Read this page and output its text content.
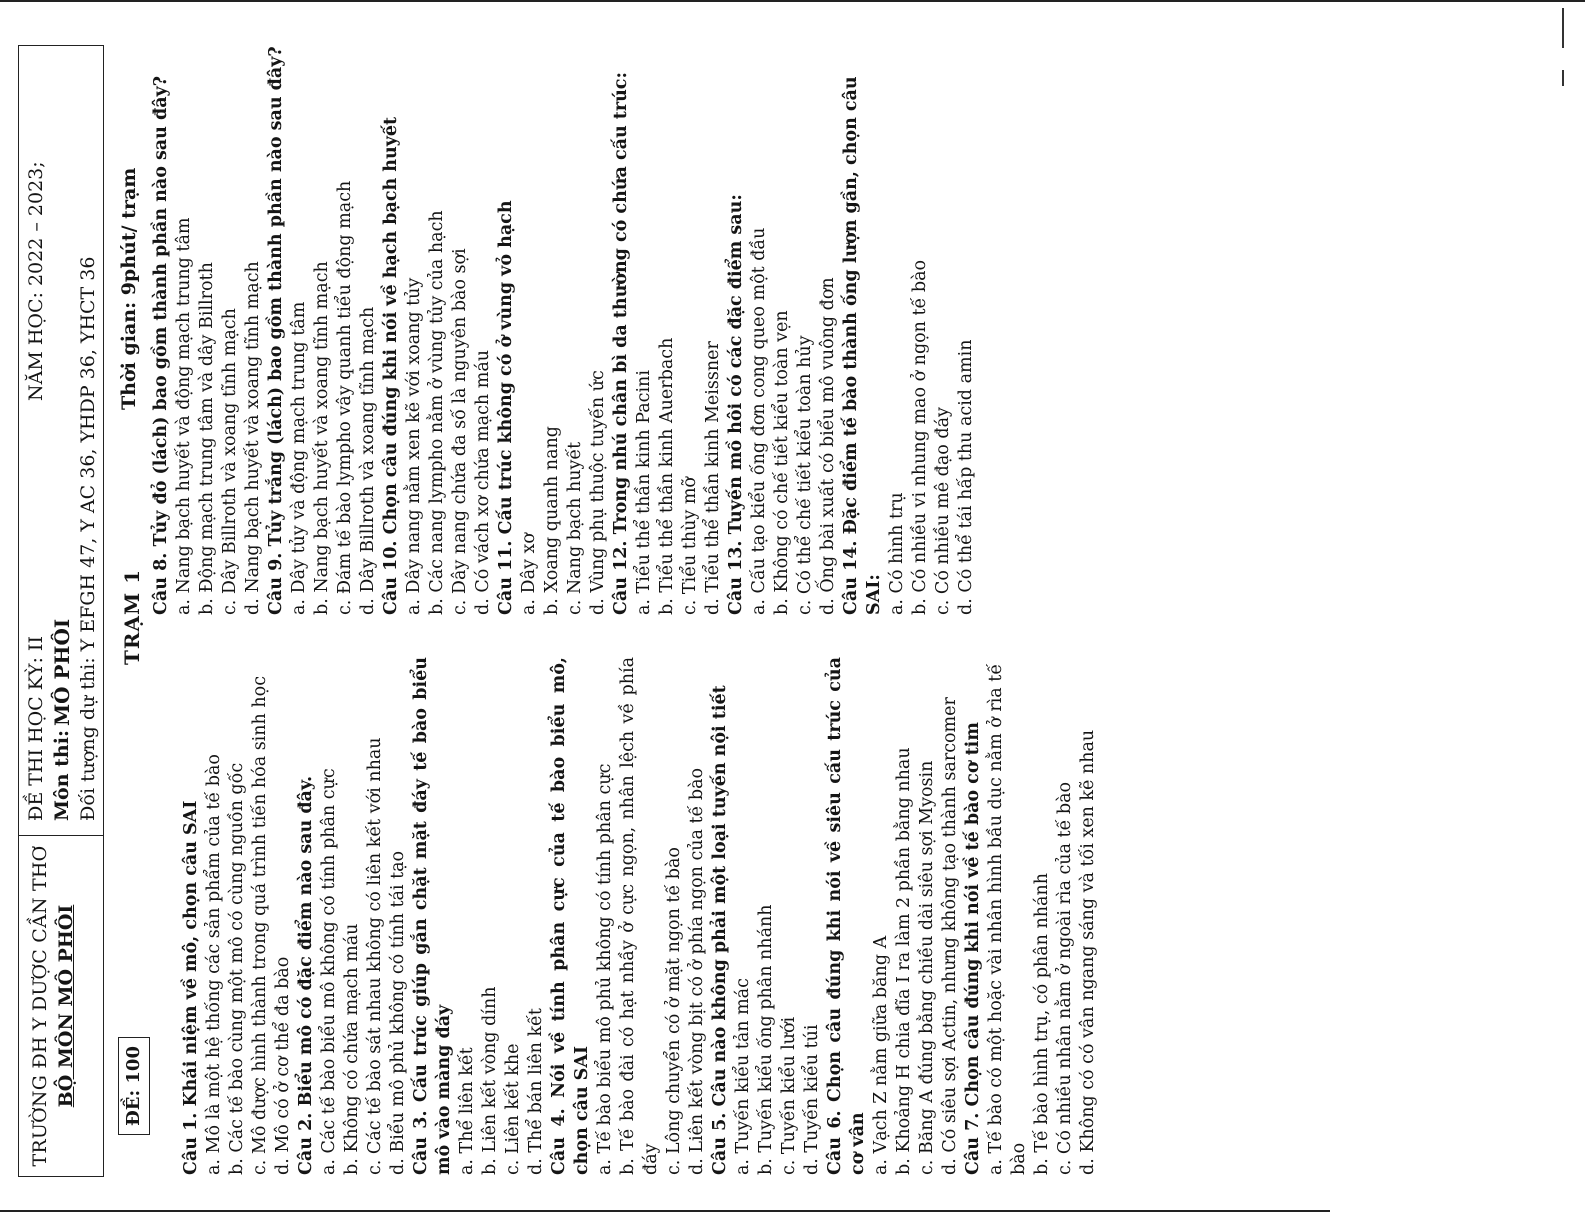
TRƯỜNG ĐH Y DƯỢC CẦN THƠ BỘ MÔN MÔ PHÔI
ĐỀ THI HỌC KỲ: II
NĂM HỌC: 2022 – 2023;
Môn thi:
MÔ PHÔI Đối tượng dự thi: Y EFGH 47, Y AC 36, YHDP 36, YHCT 36
ĐỀ: 100
TRẠM 1
Thời gian: 9phút/ trạm
Câu 1. Khái niệm về mô, chọn câu SAI a. Mô là một hệ thống các sản phẩm của tế bào b. Các tế bào cùng một mô có cùng nguồn gốc c. Mô được hình thành trong quá trình tiến hóa sinh học d. Mô có ở cơ thể đa bào Câu 2. Biểu mô có đặc điểm nào sau đây. a. Các tế bào biểu mô không có tính phân cực b. Không có chứa mạch máu c. Các tế bào sát nhau không có liên kết với nhau d. Biểu mô phủ không có tính tái tạo Câu 3. Cấu trúc giúp gắn chặt mặt đáy tế bào biểu mô vào màng đáy a. Thể liên kết b. Liên kết vòng dính c. Liên kết khe d. Thể bán liên kết Câu 4. Nói về tính phân cực của tế bào biểu mô, chọn câu SAI a. Tế bào biểu mô phủ không có tính phân cực b. Tế bào đài có hạt nhầy ở cực ngọn, nhân lệch về phía đáy c. Lông chuyển có ở mặt ngọn tế bào d. Liên kết vòng bịt có ở phía ngọn của tế bào Câu 5. Câu nào không phải một loại tuyến nội tiết a. Tuyến kiểu tản mác b. Tuyến kiểu ống phân nhánh c. Tuyến kiểu lưới d. Tuyến kiểu túi Câu 6. Chọn câu đúng khi nói về siêu cấu trúc của cơ vân a. Vạch Z nằm giữa băng A b. Khoảng H chia đĩa I ra làm 2 phần bằng nhau c. Băng A đúng bằng chiều dài siêu sợi Myosin d. Có siêu sợi Actin, nhưng không tạo thành sarcomer Câu 7. Chọn câu đúng khi nói về tế bào cơ tim a. Tế bào có một hoặc vài nhân hình bầu dục nằm ở rìa tế bào b. Tế bào hình trụ, có phân nhánh c. Có nhiều nhân nằm ở ngoài rìa của tế bào d. Không có có vân ngang sáng và tối xen kẽ nhau
Câu 8. Tủy đỏ (lách) bao gồm thành phần nào sau đây? a. Nang bạch huyết và động mạch trung tâm b. Động mạch trung tâm và dây Billroth c. Dây Billroth và xoang tĩnh mạch d. Nang bạch huyết và xoang tĩnh mạch Câu 9. Tủy trắng (lách) bao gồm thành phần nào sau đây? a. Dây tủy và động mạch trung tâm b. Nang bạch huyết và xoang tĩnh mạch c. Đám tế bào lympho vây quanh tiểu động mạch d. Dây Billroth và xoang tĩnh mạch Câu 10. Chọn câu đúng khi nói về hạch bạch huyết a. Dây nang nằm xen kẽ với xoang tủy b. Các nang lympho nằm ở vùng tủy của hạch c. Dây nang chứa đa số là nguyên bào sợi d. Có vách xơ chứa mạch máu Câu 11. Cấu trúc không có ở vùng vỏ hạch a. Dây xơ b. Xoang quanh nang c. Nang bạch huyết d. Vùng phụ thuộc tuyến ức Câu 12. Trong nhú chân bì da thường có chứa cấu trúc: a. Tiểu thể thần kinh Pacini b. Tiểu thể thần kinh Auerbach c. Tiểu thùy mỡ d. Tiểu thể thần kinh Meissner Câu 13. Tuyến mồ hôi có các đặc điểm sau: a. Cấu tạo kiểu ống đơn cong queo một đầu b. Không có chế tiết kiểu toàn vẹn c. Có thể chế tiết kiểu toàn hủy d. Ống bài xuất có biểu mô vuông đơn Câu 14. Đặc điểm tế bào thành ống lượn gần, chọn câu SAI: a. Có hình trụ b. Có nhiều vi nhung mao ở ngọn tế bào c. Có nhiều mê đạo đáy d. Có thể tái hấp thu acid amin
